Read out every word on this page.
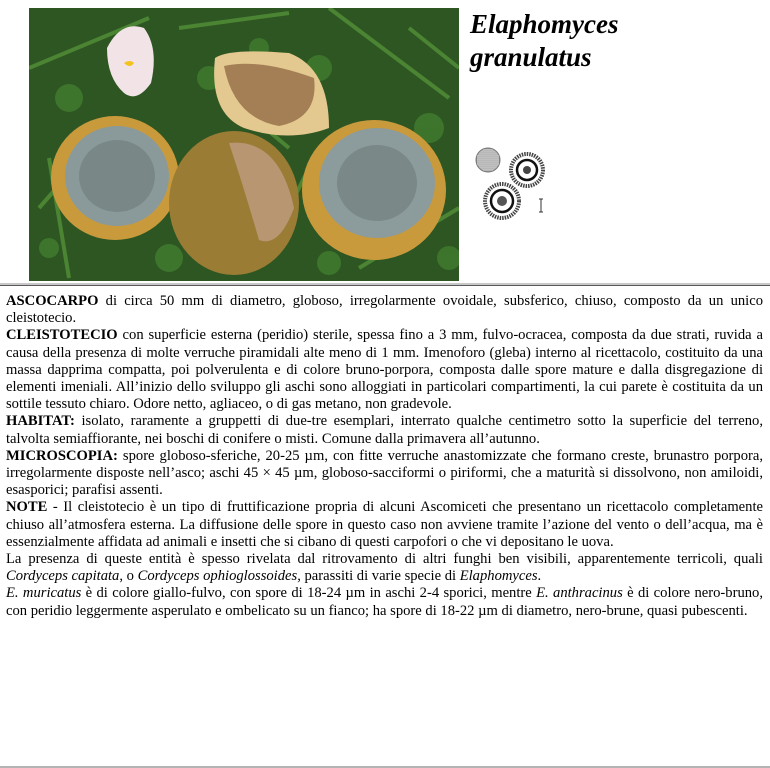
Elaphomyces
granulatus

ASCOCARPO di circa 50 mm di diametro, globoso, irregolarmente ovoidale, subsferico, chiuso, composto da un unico cleistotecio.

CLEISTOTECIO con superficie esterna (peridio) sterile, spessa fino a 3 mm, fulvo-ocracea, composta da due strati, ruvida a causa della presenza di molte verruche piramidali alte meno di 1 mm. Imenoforo (gleba) interno al ricettacolo, costituito da una massa dapprima compatta, poi polverulenta e di colore bruno-porpora, composta dalle spore mature e dalla disgregazione di elementi imeniali. All’inizio dello sviluppo gli aschi sono alloggiati in particolari compartimenti, la cui parete è costituita da un sottile tessuto chiaro. Odore netto, agliaceo, o di gas metano, non gradevole.

HABITAT: isolato, raramente a gruppetti di due-tre esemplari, interrato qualche centimetro sotto la superficie del terreno, talvolta semiaffiorante, nei boschi di conifere o misti. Comune dalla primavera all’autunno.

MICROSCOPIA: spore globoso-sferiche, 20-25 µm, con fitte verruche anastomizzate che formano creste, brunastro porpora, irregolarmente disposte nell’asco; aschi 45 × 45 µm, globoso-sacciformi o piriformi, che a maturità si dissolvono, non amiloidi, esasporici; parafisi assenti.

NOTE - Il cleistotecio è un tipo di fruttificazione propria di alcuni Ascomiceti che presentano un ricettacolo completamente chiuso all’atmosfera esterna. La diffusione delle spore in questo caso non avviene tramite l’azione del vento o dell’acqua, ma è essenzialmente affidata ad animali e insetti che si cibano di questi carpofori o che vi depositano le uova.

La presenza di queste entità è spesso rivelata dal ritrovamento di altri funghi ben visibili, apparentemente terricoli, quali Cordyceps capitata, o Cordyceps ophioglossoides, parassiti di varie specie di Elaphomyces.

E. muricatus è di colore giallo-fulvo, con spore di 18-24 µm in aschi 2-4 sporici, mentre E. anthracinus è di colore nero-bruno, con peridio leggermente asperulato e ombelicato su un fianco; ha spore di 18-22 µm di diametro, nero-brune, quasi pubescenti.
